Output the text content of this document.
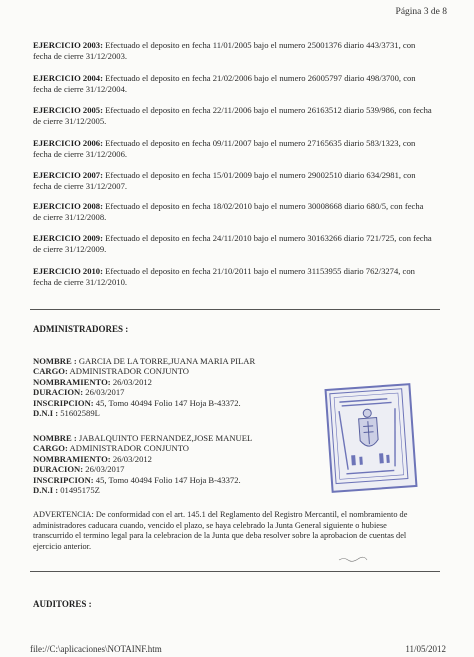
Página 3 de 8
EJERCICIO 2003: Efectuado el deposito en fecha 11/01/2005 bajo el numero 25001376 diario 443/3731, con fecha de cierre 31/12/2003.
EJERCICIO 2004: Efectuado el deposito en fecha 21/02/2006 bajo el numero 26005797 diario 498/3700, con fecha de cierre 31/12/2004.
EJERCICIO 2005: Efectuado el deposito en fecha 22/11/2006 bajo el numero 26163512 diario 539/986, con fecha de cierre 31/12/2005.
EJERCICIO 2006: Efectuado el deposito en fecha 09/11/2007 bajo el numero 27165635 diario 583/1323, con fecha de cierre 31/12/2006.
EJERCICIO 2007: Efectuado el deposito en fecha 15/01/2009 bajo el numero 29002510 diario 634/2981, con fecha de cierre 31/12/2007.
EJERCICIO 2008: Efectuado el deposito en fecha 18/02/2010 bajo el numero 30008668 diario 680/5, con fecha de cierre 31/12/2008.
EJERCICIO 2009: Efectuado el deposito en fecha 24/11/2010 bajo el numero 30163266 diario 721/725, con fecha de cierre 31/12/2009.
EJERCICIO 2010: Efectuado el deposito en fecha 21/10/2011 bajo el numero 31153955 diario 762/3274, con fecha de cierre 31/12/2010.
ADMINISTRADORES :
NOMBRE : GARCIA DE LA TORRE,JUANA MARIA PILAR
CARGO: ADMINISTRADOR CONJUNTO
NOMBRAMIENTO: 26/03/2012
DURACION: 26/03/2017
INSCRIPCION: 45, Tomo 40494 Folio 147 Hoja B-43372.
D.N.I : 51602589L
NOMBRE : JABALQUINTO FERNANDEZ,JOSE MANUEL
CARGO: ADMINISTRADOR CONJUNTO
NOMBRAMIENTO: 26/03/2012
DURACION: 26/03/2017
INSCRIPCION: 45, Tomo 40494 Folio 147 Hoja B-43372.
D.N.I : 01495175Z
ADVERTENCIA: De conformidad con el art. 145.1 del Reglamento del Registro Mercantil, el nombramiento de administradores caducara cuando, vencido el plazo, se haya celebrado la Junta General siguiente o hubiese transcurrido el termino legal para la celebracion de la Junta que deba resolver sobre la aprobacion de cuentas del ejercicio anterior.
AUDITORES :
file://C:\aplicaciones\NOTAINF.htm	11/05/2012
